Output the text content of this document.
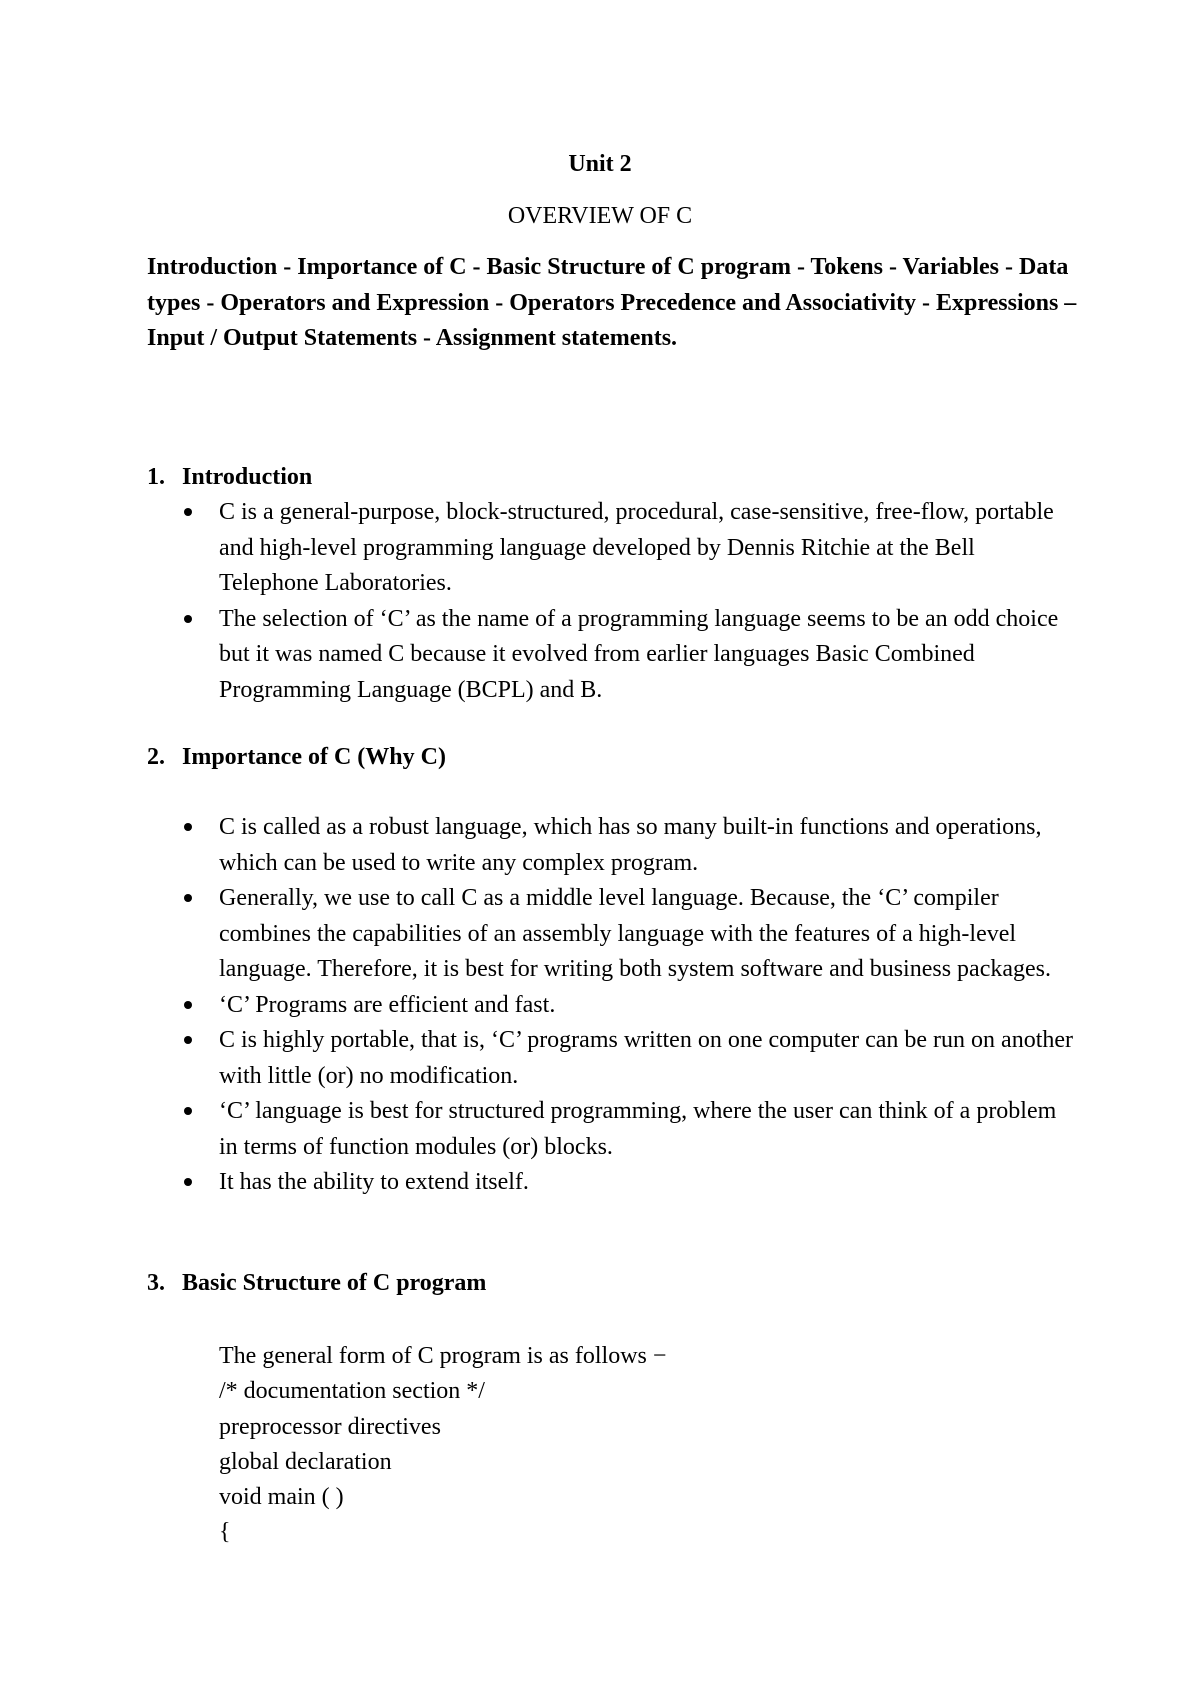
Unit 2
OVERVIEW OF C

Introduction - Importance of C - Basic Structure of C program - Tokens - Variables - Data types - Operators and Expression - Operators Precedence and Associativity - Expressions – Input / Output Statements - Assignment statements.

1. Introduction
C is a general-purpose, block-structured, procedural, case-sensitive, free-flow, portable and high-level programming language developed by Dennis Ritchie at the Bell Telephone Laboratories.
The selection of ‘C’ as the name of a programming language seems to be an odd choice but it was named C because it evolved from earlier languages Basic Combined Programming Language (BCPL) and B.
2. Importance of C (Why C)
C is called as a robust language, which has so many built-in functions and operations, which can be used to write any complex program.
Generally, we use to call C as a middle level language. Because, the ‘C’ compiler combines the capabilities of an assembly language with the features of a high-level language. Therefore, it is best for writing both system software and business packages.
‘C’ Programs are efficient and fast.
C is highly portable, that is, ‘C’ programs written on one computer can be run on another with little (or) no modification.
‘C’ language is best for structured programming, where the user can think of a problem in terms of function modules (or) blocks.
It has the ability to extend itself.
3. Basic Structure of C program
The general form of C program is as follows −
/* documentation section */
preprocessor directives
global declaration
void main ( )
{
